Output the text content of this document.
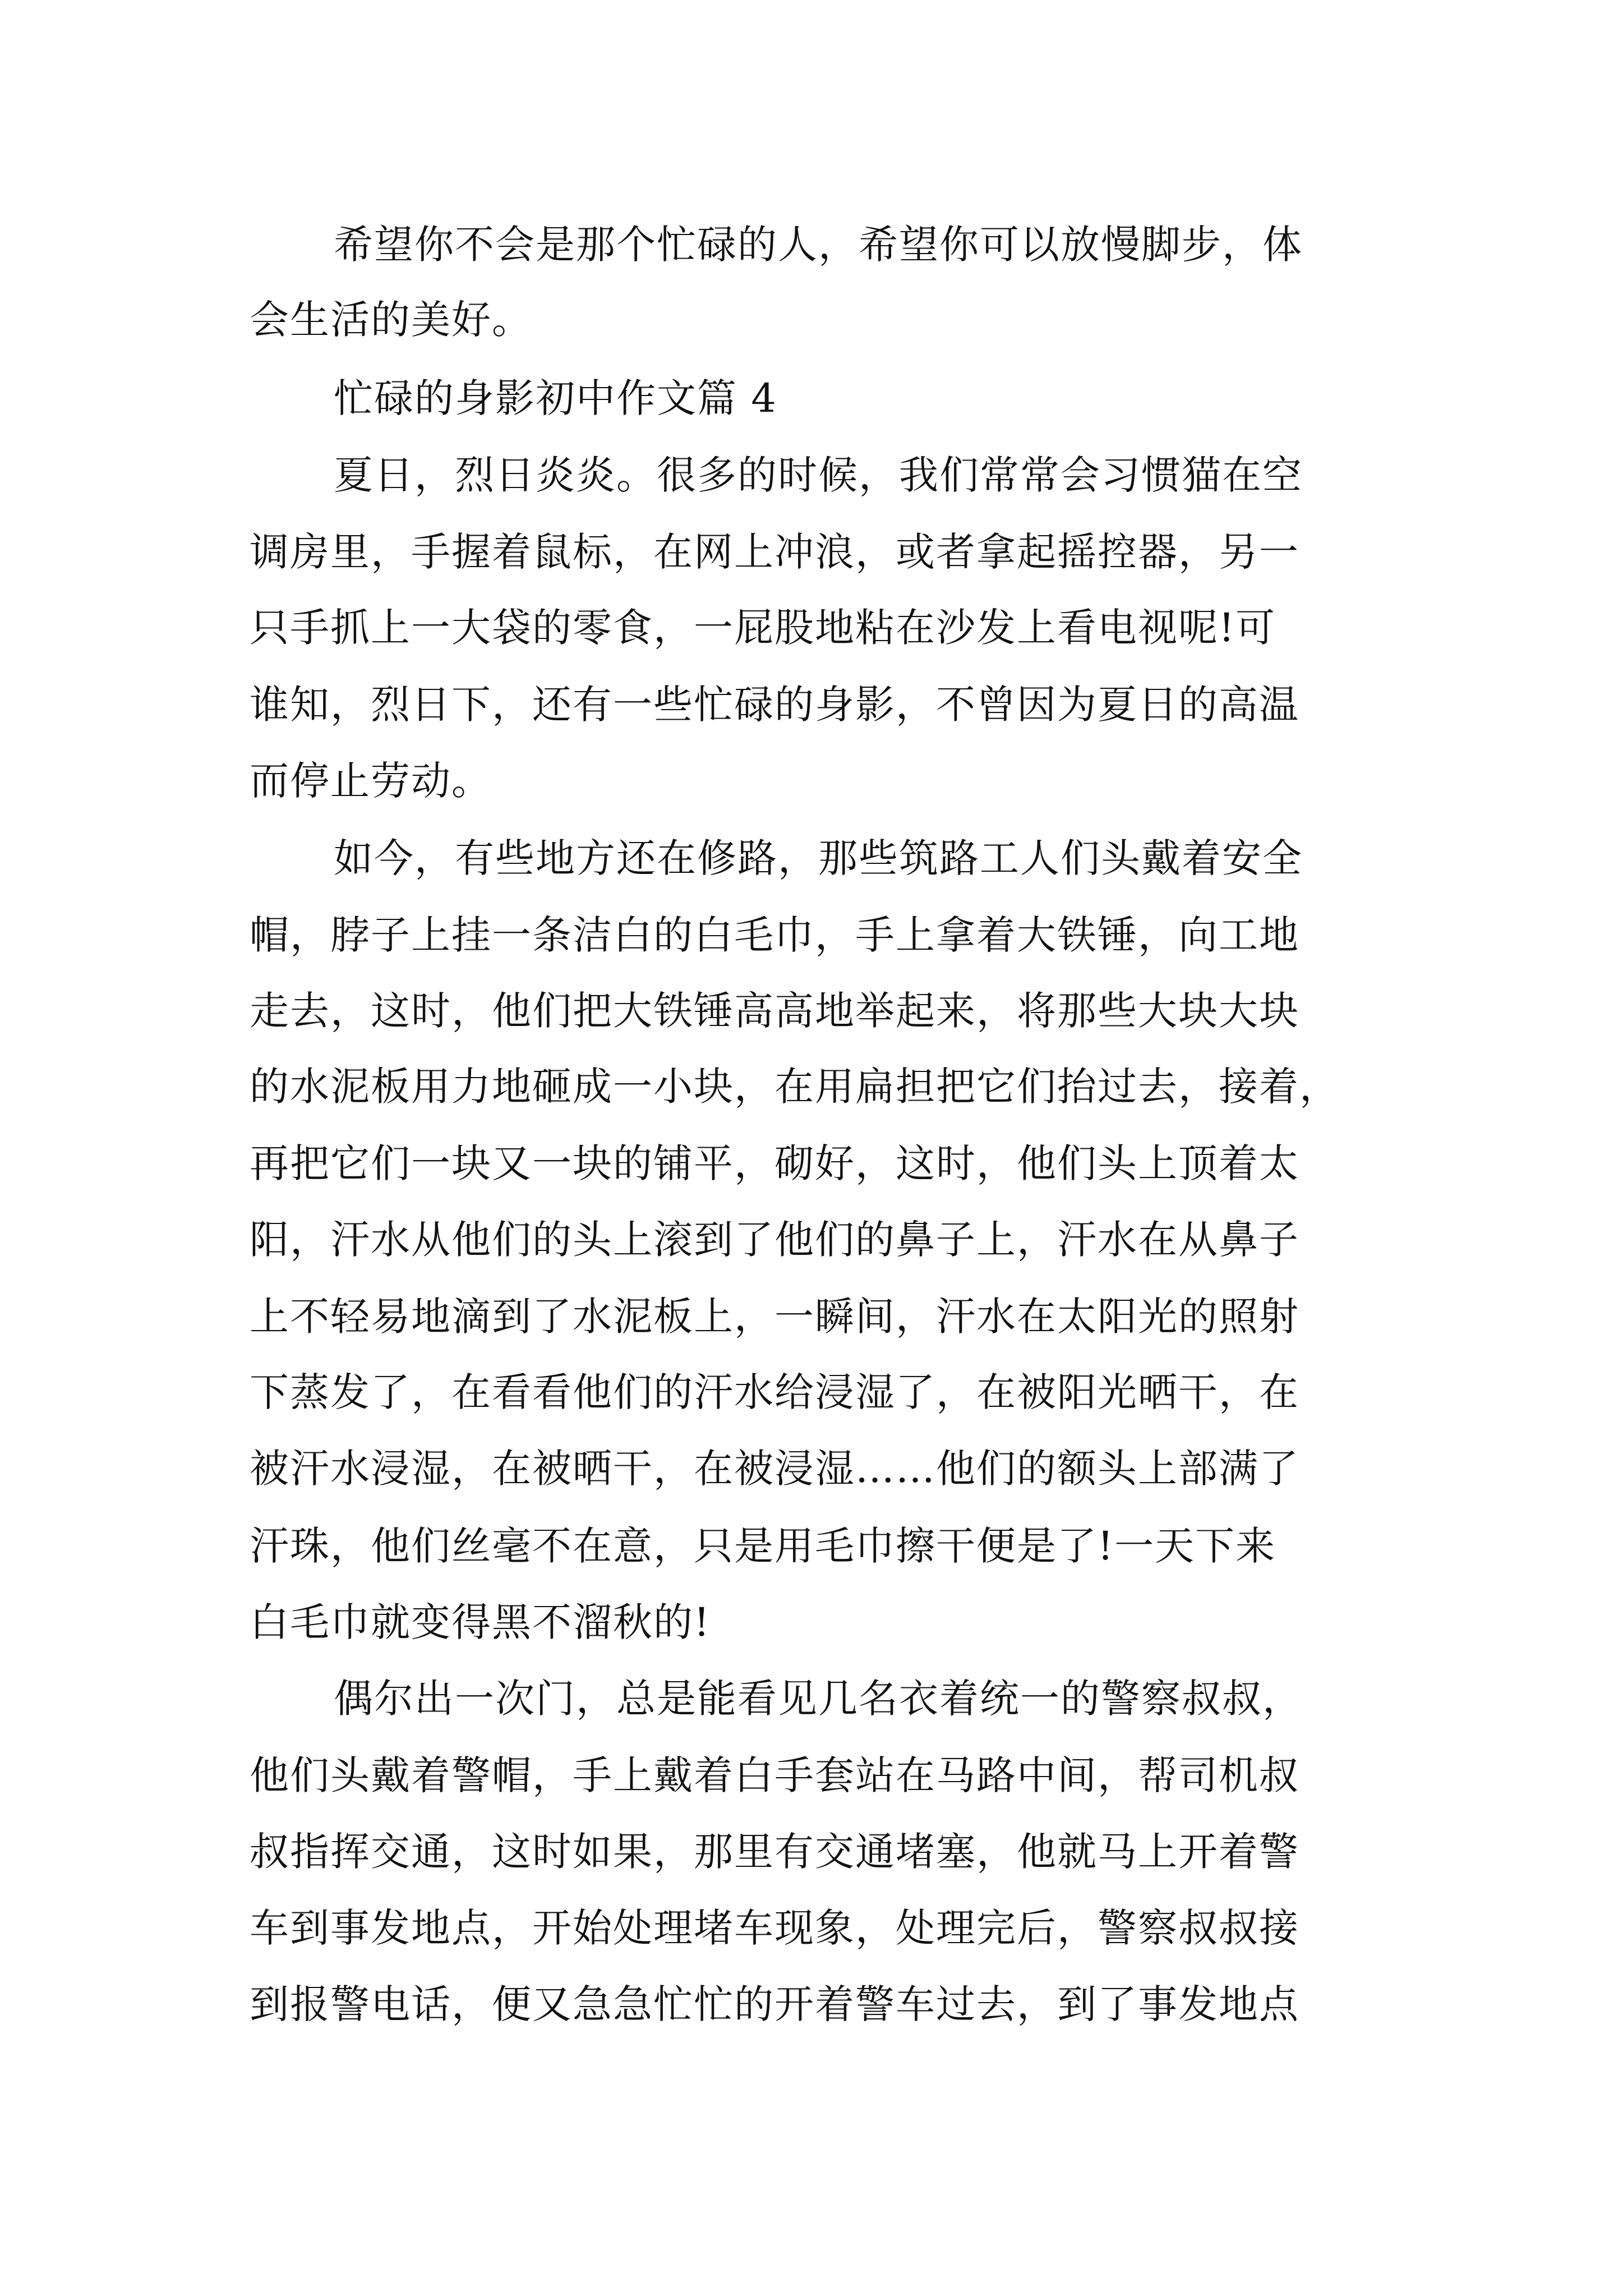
希望你不会是那个忙碌的人，希望你可以放慢脚步，体
会生活的美好。
忙碌的身影初中作文篇 4
夏日，烈日炎炎。很多的时候，我们常常会习惯猫在空
调房里，手握着鼠标，在网上冲浪，或者拿起摇控器，另一
只手抓上一大袋的零食，一屁股地粘在沙发上看电视呢!可
谁知，烈日下，还有一些忙碌的身影，不曾因为夏日的高温
而停止劳动。
如今，有些地方还在修路，那些筑路工人们头戴着安全
帽，脖子上挂一条洁白的白毛巾，手上拿着大铁锤，向工地
走去，这时，他们把大铁锤高高地举起来，将那些大块大块
的水泥板用力地砸成一小块，在用扁担把它们抬过去，接着，
再把它们一块又一块的铺平，砌好，这时，他们头上顶着太
阳，汗水从他们的头上滚到了他们的鼻子上，汗水在从鼻子
上不轻易地滴到了水泥板上，一瞬间，汗水在太阳光的照射
下蒸发了，在看看他们的汗水给浸湿了，在被阳光晒干，在
被汗水浸湿，在被晒干，在被浸湿……他们的额头上部满了
汗珠，他们丝毫不在意，只是用毛巾擦干便是了!一天下来
白毛巾就变得黑不溜秋的!
偶尔出一次门，总是能看见几名衣着统一的警察叔叔，
他们头戴着警帽，手上戴着白手套站在马路中间，帮司机叔
叔指挥交通，这时如果，那里有交通堵塞，他就马上开着警
车到事发地点，开始处理堵车现象，处理完后，警察叔叔接
到报警电话，便又急急忙忙的开着警车过去，到了事发地点
